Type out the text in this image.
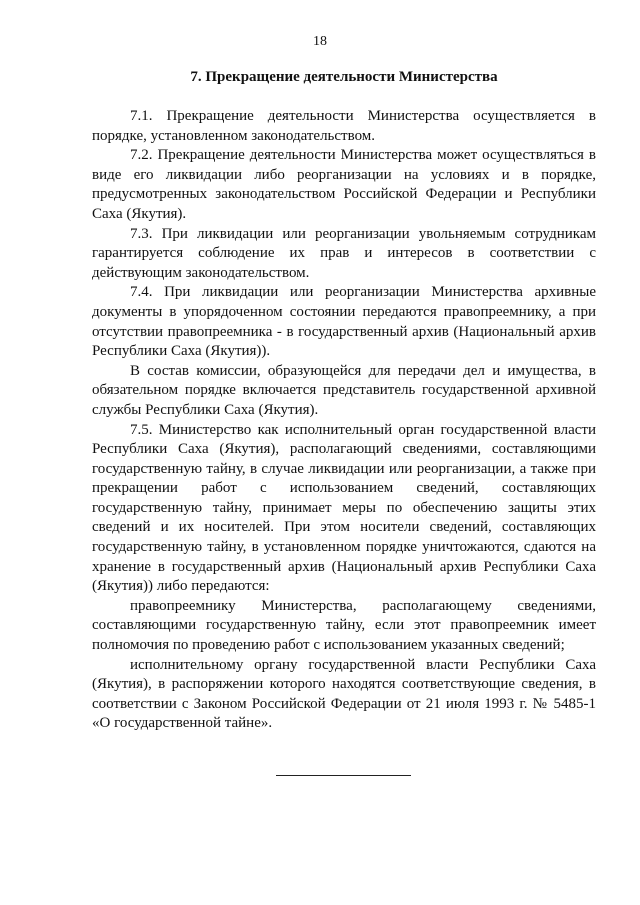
18
7. Прекращение деятельности Министерства

7.1. Прекращение деятельности Министерства осуществляется в порядке, установленном законодательством.

7.2. Прекращение деятельности Министерства может осуществляться в виде его ликвидации либо реорганизации на условиях и в порядке, предусмотренных законодательством Российской Федерации и Республики Саха (Якутия).

7.3. При ликвидации или реорганизации увольняемым сотрудникам гарантируется соблюдение их прав и интересов в соответствии с действующим законодательством.

7.4. При ликвидации или реорганизации Министерства архивные документы в упорядоченном состоянии передаются правопреемнику, а при отсутствии правопреемника - в государственный архив (Национальный архив Республики Саха (Якутия)).

В состав комиссии, образующейся для передачи дел и имущества, в обязательном порядке включается представитель государственной архивной службы Республики Саха (Якутия).

7.5. Министерство как исполнительный орган государственной власти Республики Саха (Якутия), располагающий сведениями, составляющими государственную тайну, в случае ликвидации или реорганизации, а также при прекращении работ с использованием сведений, составляющих государственную тайну, принимает меры по обеспечению защиты этих сведений и их носителей. При этом носители сведений, составляющих государственную тайну, в установленном порядке уничтожаются, сдаются на хранение в государственный архив (Национальный архив Республики Саха (Якутия)) либо передаются:

правопреемнику Министерства, располагающему сведениями, составляющими государственную тайну, если этот правопреемник имеет полномочия по проведению работ с использованием указанных сведений;

исполнительному органу государственной власти Республики Саха (Якутия), в распоряжении которого находятся соответствующие сведения, в соответствии с Законом Российской Федерации от 21 июля 1993 г. № 5485-1 «О государственной тайне».
